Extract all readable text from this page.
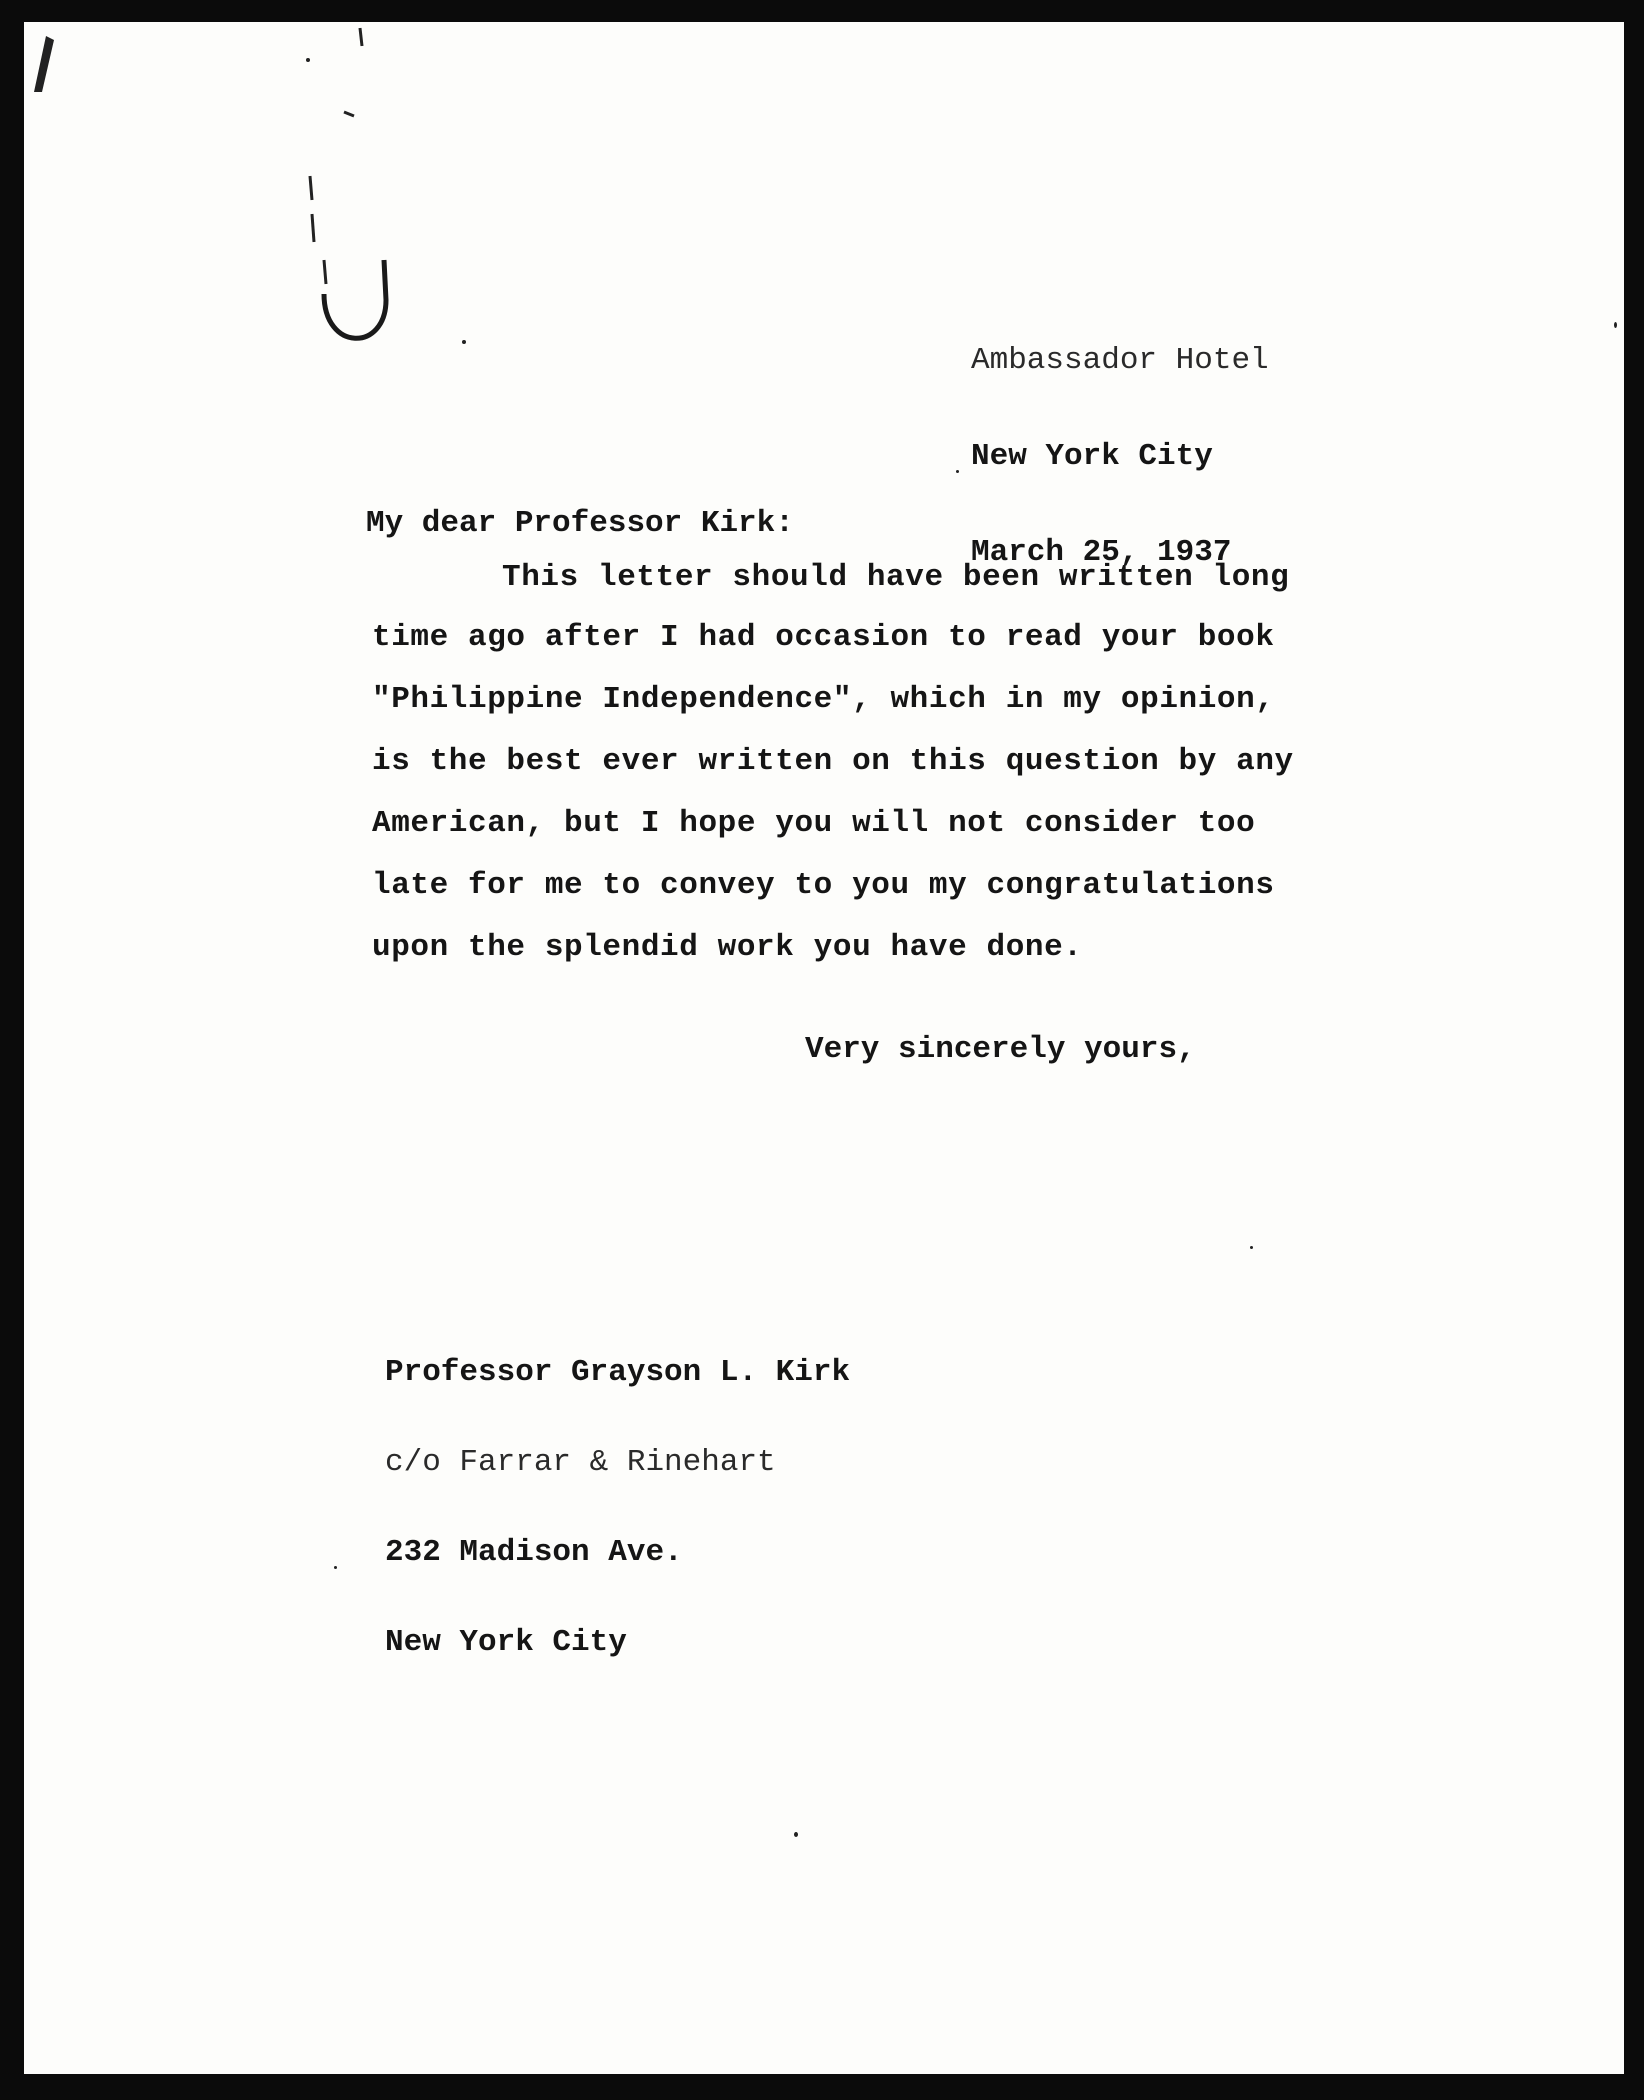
Ambassador Hotel

New York City

March 25, 1937

My dear Professor Kirk:
This letter should have been written long
time ago after I had occasion to read your book
"Philippine Independence", which in my opinion,
is the best ever written on this question by any
American, but I hope you will not consider too
late for me to convey to you my congratulations
upon the splendid work you have done.
Very sincerely yours,

Professor Grayson L. Kirk

c/o Farrar & Rinehart

232 Madison Ave.

New York City
